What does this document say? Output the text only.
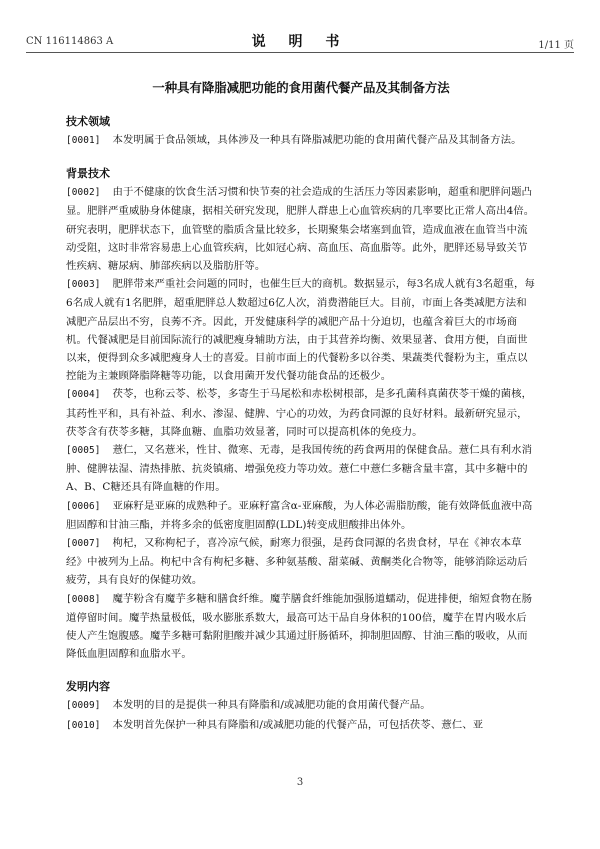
CN 116114863 A	说 明 书	1/11 页
一种具有降脂减肥功能的食用菌代餐产品及其制备方法
技术领域

[0001] 本发明属于食品领域，具体涉及一种具有降脂减肥功能的食用菌代餐产品及其制备方法。

背景技术

[0002] 由于不健康的饮食生活习惯和快节奏的社会造成的生活压力等因素影响，超重和肥胖问题凸显。肥胖严重威胁身体健康，据相关研究发现，肥胖人群患上心血管疾病的几率要比正常人高出4倍。研究表明，肥胖状态下，血管壁的脂质含量比较多，长期聚集会堵塞到血管，造成血液在血管当中流动受阻，这时非常容易患上心血管疾病，比如冠心病、高血压、高血脂等。此外，肥胖还易导致关节性疾病、糖尿病、肺部疾病以及脂肪肝等。

[0003] 肥胖带来严重社会问题的同时，也催生巨大的商机。数据显示，每3名成人就有3名超重，每6名成人就有1名肥胖，超重肥胖总人数超过6亿人次，消费潜能巨大。目前，市面上各类减肥方法和减肥产品层出不穷，良莠不齐。因此，开发健康科学的减肥产品十分迫切，也蕴含着巨大的市场商机。代餐减肥是目前国际流行的减肥瘦身辅助方法，由于其营养均衡、效果显著、食用方便，自面世以来，便得到众多减肥瘦身人士的喜爱。目前市面上的代餐粉多以谷类、果蔬类代餐粉为主，重点以控能为主兼顾降脂降糖等功能，以食用菌开发代餐功能食品的还极少。

[0004] 茯苓，也称云苓、松苓，多寄生于马尾松和赤松树根部，是多孔菌科真菌茯苓干燥的菌核，其药性平和，具有补益、利水、渗湿、健脾、宁心的功效，为药食同源的良好材料。最新研究显示，茯苓含有茯苓多糖，其降血糖、血脂功效显著，同时可以提高机体的免疫力。

[0005] 薏仁，又名薏米，性甘、微寒、无毒，是我国传统的药食两用的保健食品。薏仁具有利水消肿、健脾祛湿、清热排脓、抗炎镇痛、增强免疫力等功效。薏仁中薏仁多糖含量丰富，其中多糖中的A、B、C糖还具有降血糖的作用。

[0006] 亚麻籽是亚麻的成熟种子。亚麻籽富含α-亚麻酸，为人体必需脂肪酸，能有效降低血液中高胆固醇和甘油三酯，并将多余的低密度胆固醇(LDL)转变成胆酸排出体外。

[0007] 枸杞，又称枸杞子，喜冷凉气候，耐寒力很强，是药食同源的名贵食材，早在《神农本草经》中被列为上品。枸杞中含有枸杞多糖、多种氨基酸、甜菜碱、黄酮类化合物等，能够消除运动后疲劳，具有良好的保健功效。

[0008] 魔芋粉含有魔芋多糖和膳食纤维。魔芋膳食纤维能加强肠道蠕动，促进排便，缩短食物在肠道停留时间。魔芋热量极低，吸水膨胀系数大，最高可达干品自身体积的100倍，魔芋在胃内吸水后使人产生饱腹感。魔芋多糖可黏附胆酸并减少其通过肝肠循环，抑制胆固醇、甘油三酯的吸收，从而降低血胆固醇和血脂水平。

发明内容

[0009] 本发明的目的是提供一种具有降脂和/或减肥功能的食用菌代餐产品。

[0010] 本发明首先保护一种具有降脂和/或减肥功能的代餐产品，可包括茯苓、薏仁、亚

3
